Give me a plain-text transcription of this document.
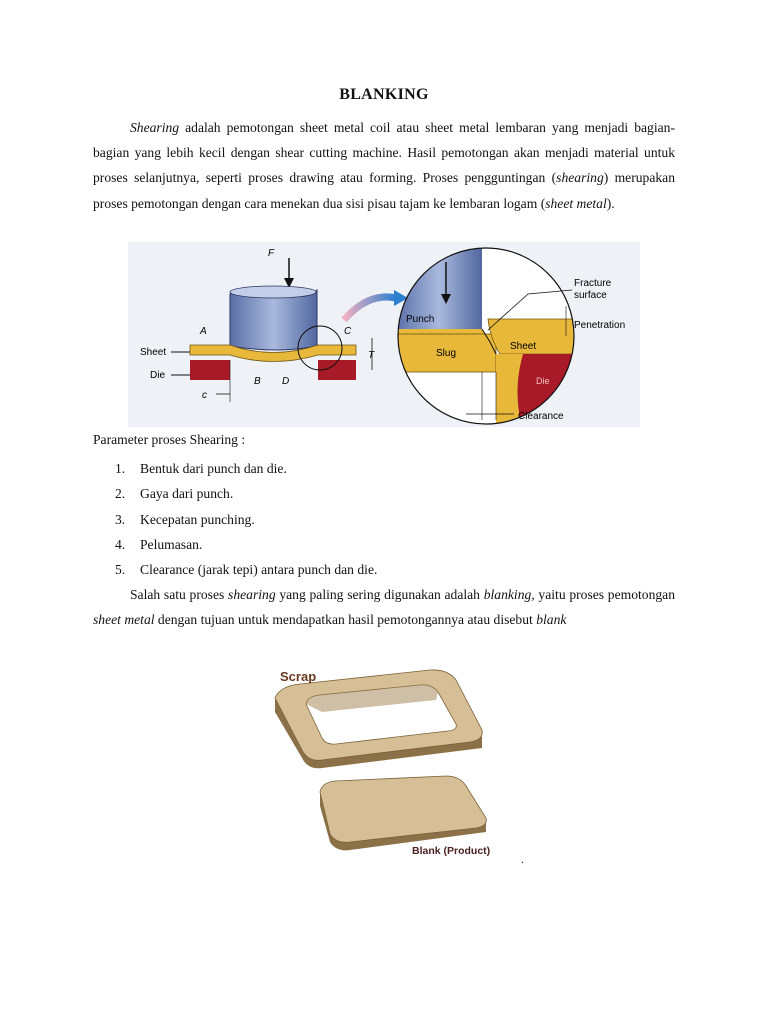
BLANKING

Shearing adalah pemotongan sheet metal coil atau sheet metal lembaran yang menjadi bagian-bagian yang lebih kecil dengan shear cutting machine. Hasil pemotongan akan menjadi material untuk proses selanjutnya, seperti proses drawing atau forming. Proses pengguntingan (shearing) merupakan proses pemotongan dengan cara menekan dua sisi pisau tajam ke lembaran logam (sheet metal).

F
Sheet
Die
A	C
T
B D
c
Punch
Slug
Sheet
Die
Fracture
surface
Penetration
Clearance
Parameter proses Shearing :
1. Bentuk dari punch dan die.
2. Gaya dari punch.
3. Kecepatan punching.
4. Pelumasan.
5. Clearance (jarak tepi) antara punch dan die.

Salah satu proses shearing yang paling sering digunakan adalah blanking, yaitu proses pemotongan sheet metal dengan tujuan untuk mendapatkan hasil pemotongannya atau disebut blank

Scrap
Blank (Product)
.
